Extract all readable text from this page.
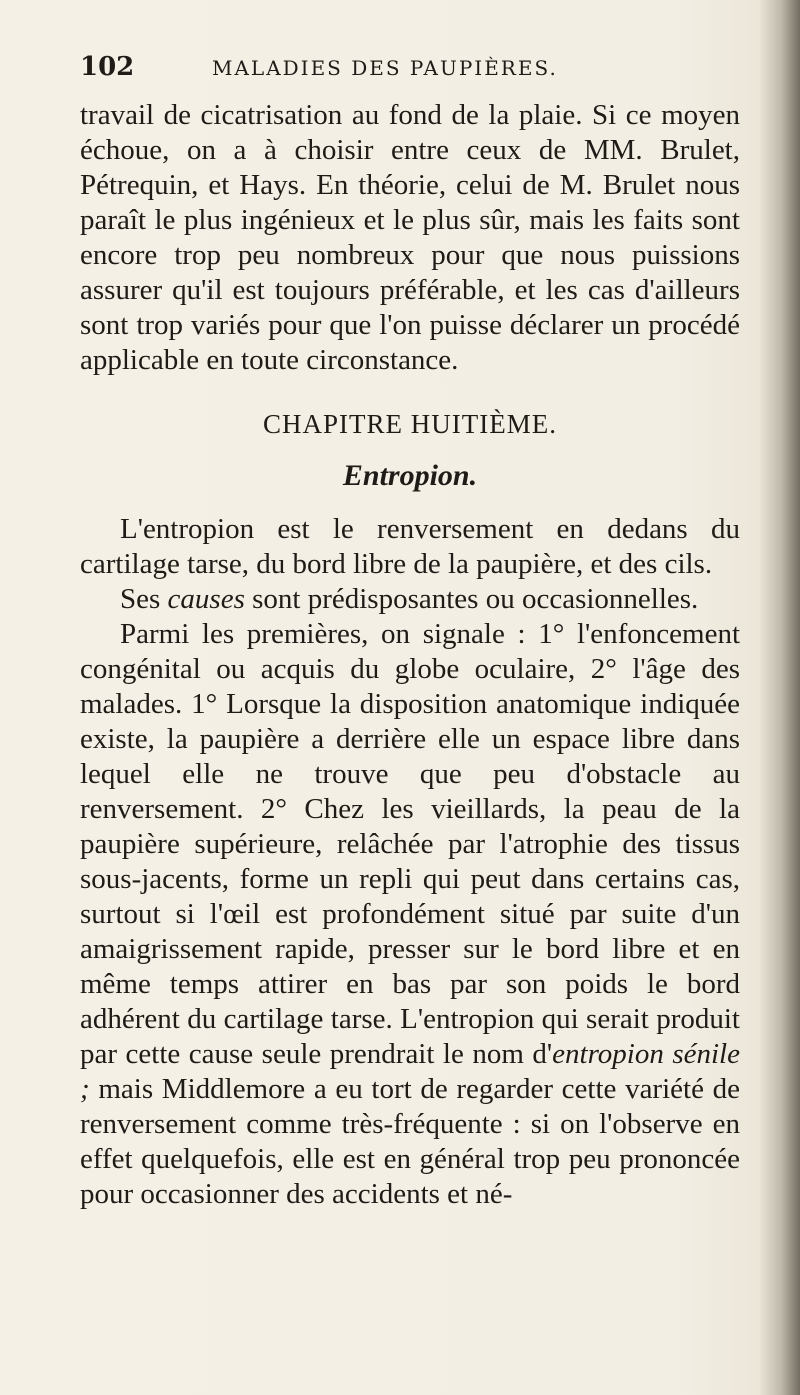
102	MALADIES DES PAUPIÈRES.

travail de cicatrisation au fond de la plaie. Si ce moyen échoue, on a à choisir entre ceux de MM. Brulet, Pétrequin, et Hays. En théorie, celui de M. Brulet nous paraît le plus ingénieux et le plus sûr, mais les faits sont encore trop peu nombreux pour que nous puissions assurer qu'il est toujours préférable, et les cas d'ailleurs sont trop variés pour que l'on puisse déclarer un procédé applicable en toute circonstance.

CHAPITRE HUITIÈME.
Entropion.

L'entropion est le renversement en dedans du cartilage tarse, du bord libre de la paupière, et des cils.

Ses causes sont prédisposantes ou occasionnelles.

Parmi les premières, on signale : 1° l'enfoncement congénital ou acquis du globe oculaire, 2° l'âge des malades. 1° Lorsque la disposition anatomique indiquée existe, la paupière a derrière elle un espace libre dans lequel elle ne trouve que peu d'obstacle au renversement. 2° Chez les vieillards, la peau de la paupière supérieure, relâchée par l'atrophie des tissus sous-jacents, forme un repli qui peut dans certains cas, surtout si l'œil est profondément situé par suite d'un amaigrissement rapide, presser sur le bord libre et en même temps attirer en bas par son poids le bord adhérent du cartilage tarse. L'entropion qui serait produit par cette cause seule prendrait le nom d'entropion sénile ; mais Middlemore a eu tort de regarder cette variété de renversement comme très-fréquente : si on l'observe en effet quelquefois, elle est en général trop peu prononcée pour occasionner des accidents et né-
